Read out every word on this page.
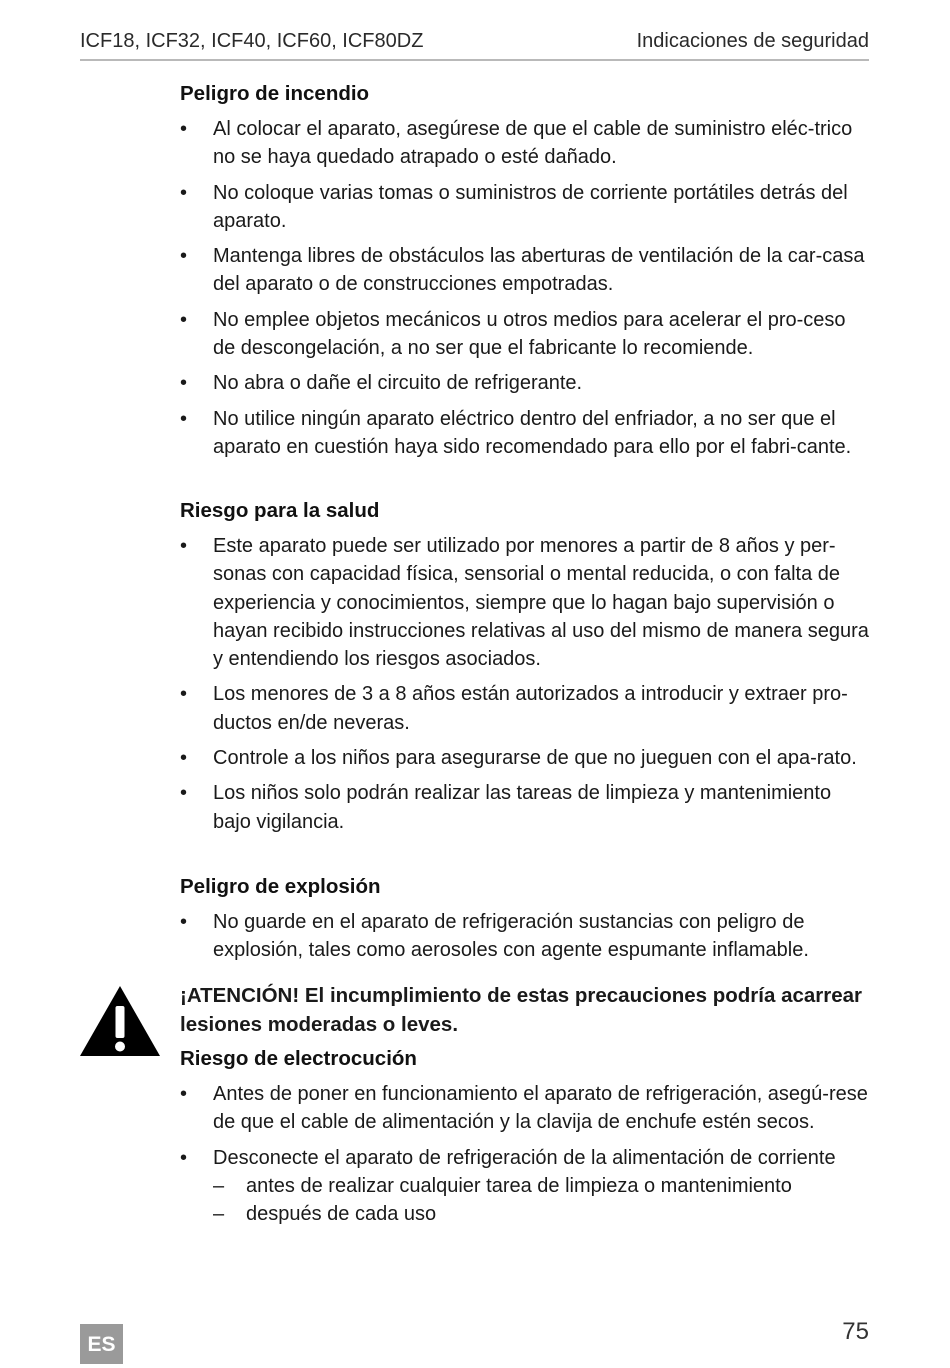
ICF18, ICF32, ICF40, ICF60, ICF80DZ	Indicaciones de seguridad

Peligro de incendio

• Al colocar el aparato, asegúrese de que el cable de suministro eléc-trico no se haya quedado atrapado o esté dañado.
• No coloque varias tomas o suministros de corriente portátiles detrás del aparato.
• Mantenga libres de obstáculos las aberturas de ventilación de la car-casa del aparato o de construcciones empotradas.
• No emplee objetos mecánicos u otros medios para acelerar el pro-ceso de descongelación, a no ser que el fabricante lo recomiende.
• No abra o dañe el circuito de refrigerante.
• No utilice ningún aparato eléctrico dentro del enfriador, a no ser que el aparato en cuestión haya sido recomendado para ello por el fabri-cante.

Riesgo para la salud

• Este aparato puede ser utilizado por menores a partir de 8 años y per-sonas con capacidad física, sensorial o mental reducida, o con falta de experiencia y conocimientos, siempre que lo hagan bajo supervisión o hayan recibido instrucciones relativas al uso del mismo de manera segura y entendiendo los riesgos asociados.
• Los menores de 3 a 8 años están autorizados a introducir y extraer pro-ductos en/de neveras.
• Controle a los niños para asegurarse de que no jueguen con el apa-rato.
• Los niños solo podrán realizar las tareas de limpieza y mantenimiento bajo vigilancia.

Peligro de explosión

• No guarde en el aparato de refrigeración sustancias con peligro de explosión, tales como aerosoles con agente espumante inflamable.

¡ATENCIÓN! El incumplimiento de estas precauciones podría acarrear lesiones moderadas o leves.

Riesgo de electrocución

• Antes de poner en funcionamiento el aparato de refrigeración, asegú-rese de que el cable de alimentación y la clavija de enchufe estén secos.
• Desconecte el aparato de refrigeración de la alimentación de corriente
– antes de realizar cualquier tarea de limpieza o mantenimiento
– después de cada uso
75
ES
